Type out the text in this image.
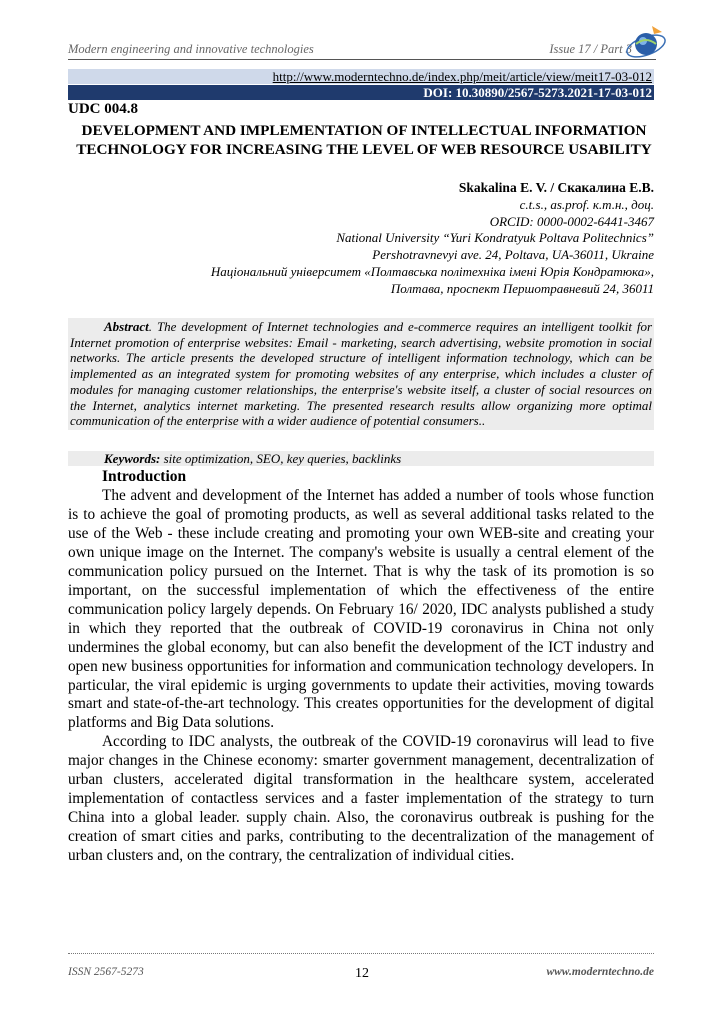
Modern engineering and innovative technologies	Issue 17 / Part 3
http://www.moderntechno.de/index.php/meit/article/view/meit17-03-012
DOI: 10.30890/2567-5273.2021-17-03-012
UDC 004.8
DEVELOPMENT AND IMPLEMENTATION OF INTELLECTUAL INFORMATION TECHNOLOGY FOR INCREASING THE LEVEL OF WEB RESOURCE USABILITY
Skakalina E. V. / Скакалина Е.В.
c.t.s., as.prof. к.т.н., доц.
ORCID: 0000-0002-6441-3467
National University “Yuri Kondratyuk Poltava Politechnics”
Pershotravnevyi ave. 24, Poltava, UA-36011, Ukraine
Національний університет «Полтавська політехніка імені Юрія Кондратюка»,
Полтава, проспект Першотравневий 24, 36011
Abstract. The development of Internet technologies and e-commerce requires an intelligent toolkit for Internet promotion of enterprise websites: Email - marketing, search advertising, website promotion in social networks. The article presents the developed structure of intelligent information technology, which can be implemented as an integrated system for promoting websites of any enterprise, which includes a cluster of modules for managing customer relationships, the enterprise's website itself, a cluster of social resources on the Internet, analytics internet marketing. The presented research results allow organizing more optimal communication of the enterprise with a wider audience of potential consumers..
Keywords: site optimization, SEO, key queries, backlinks
Introduction

The advent and development of the Internet has added a number of tools whose function is to achieve the goal of promoting products, as well as several additional tasks related to the use of the Web - these include creating and promoting your own WEB-site and creating your own unique image on the Internet. The company's website is usually a central element of the communication policy pursued on the Internet. That is why the task of its promotion is so important, on the successful implementation of which the effectiveness of the entire communication policy largely depends. On February 16/ 2020, IDC analysts published a study in which they reported that the outbreak of COVID-19 coronavirus in China not only undermines the global economy, but can also benefit the development of the ICT industry and open new business opportunities for information and communication technology developers. In particular, the viral epidemic is urging governments to update their activities, moving towards smart and state-of-the-art technology. This creates opportunities for the development of digital platforms and Big Data solutions.

According to IDC analysts, the outbreak of the COVID-19 coronavirus will lead to five major changes in the Chinese economy: smarter government management, decentralization of urban clusters, accelerated digital transformation in the healthcare system, accelerated implementation of contactless services and a faster implementation of the strategy to turn China into a global leader. supply chain. Also, the coronavirus outbreak is pushing for the creation of smart cities and parks, contributing to the decentralization of the management of urban clusters and, on the contrary, the centralization of individual cities.

ISSN 2567-5273	12	www.moderntechno.de
